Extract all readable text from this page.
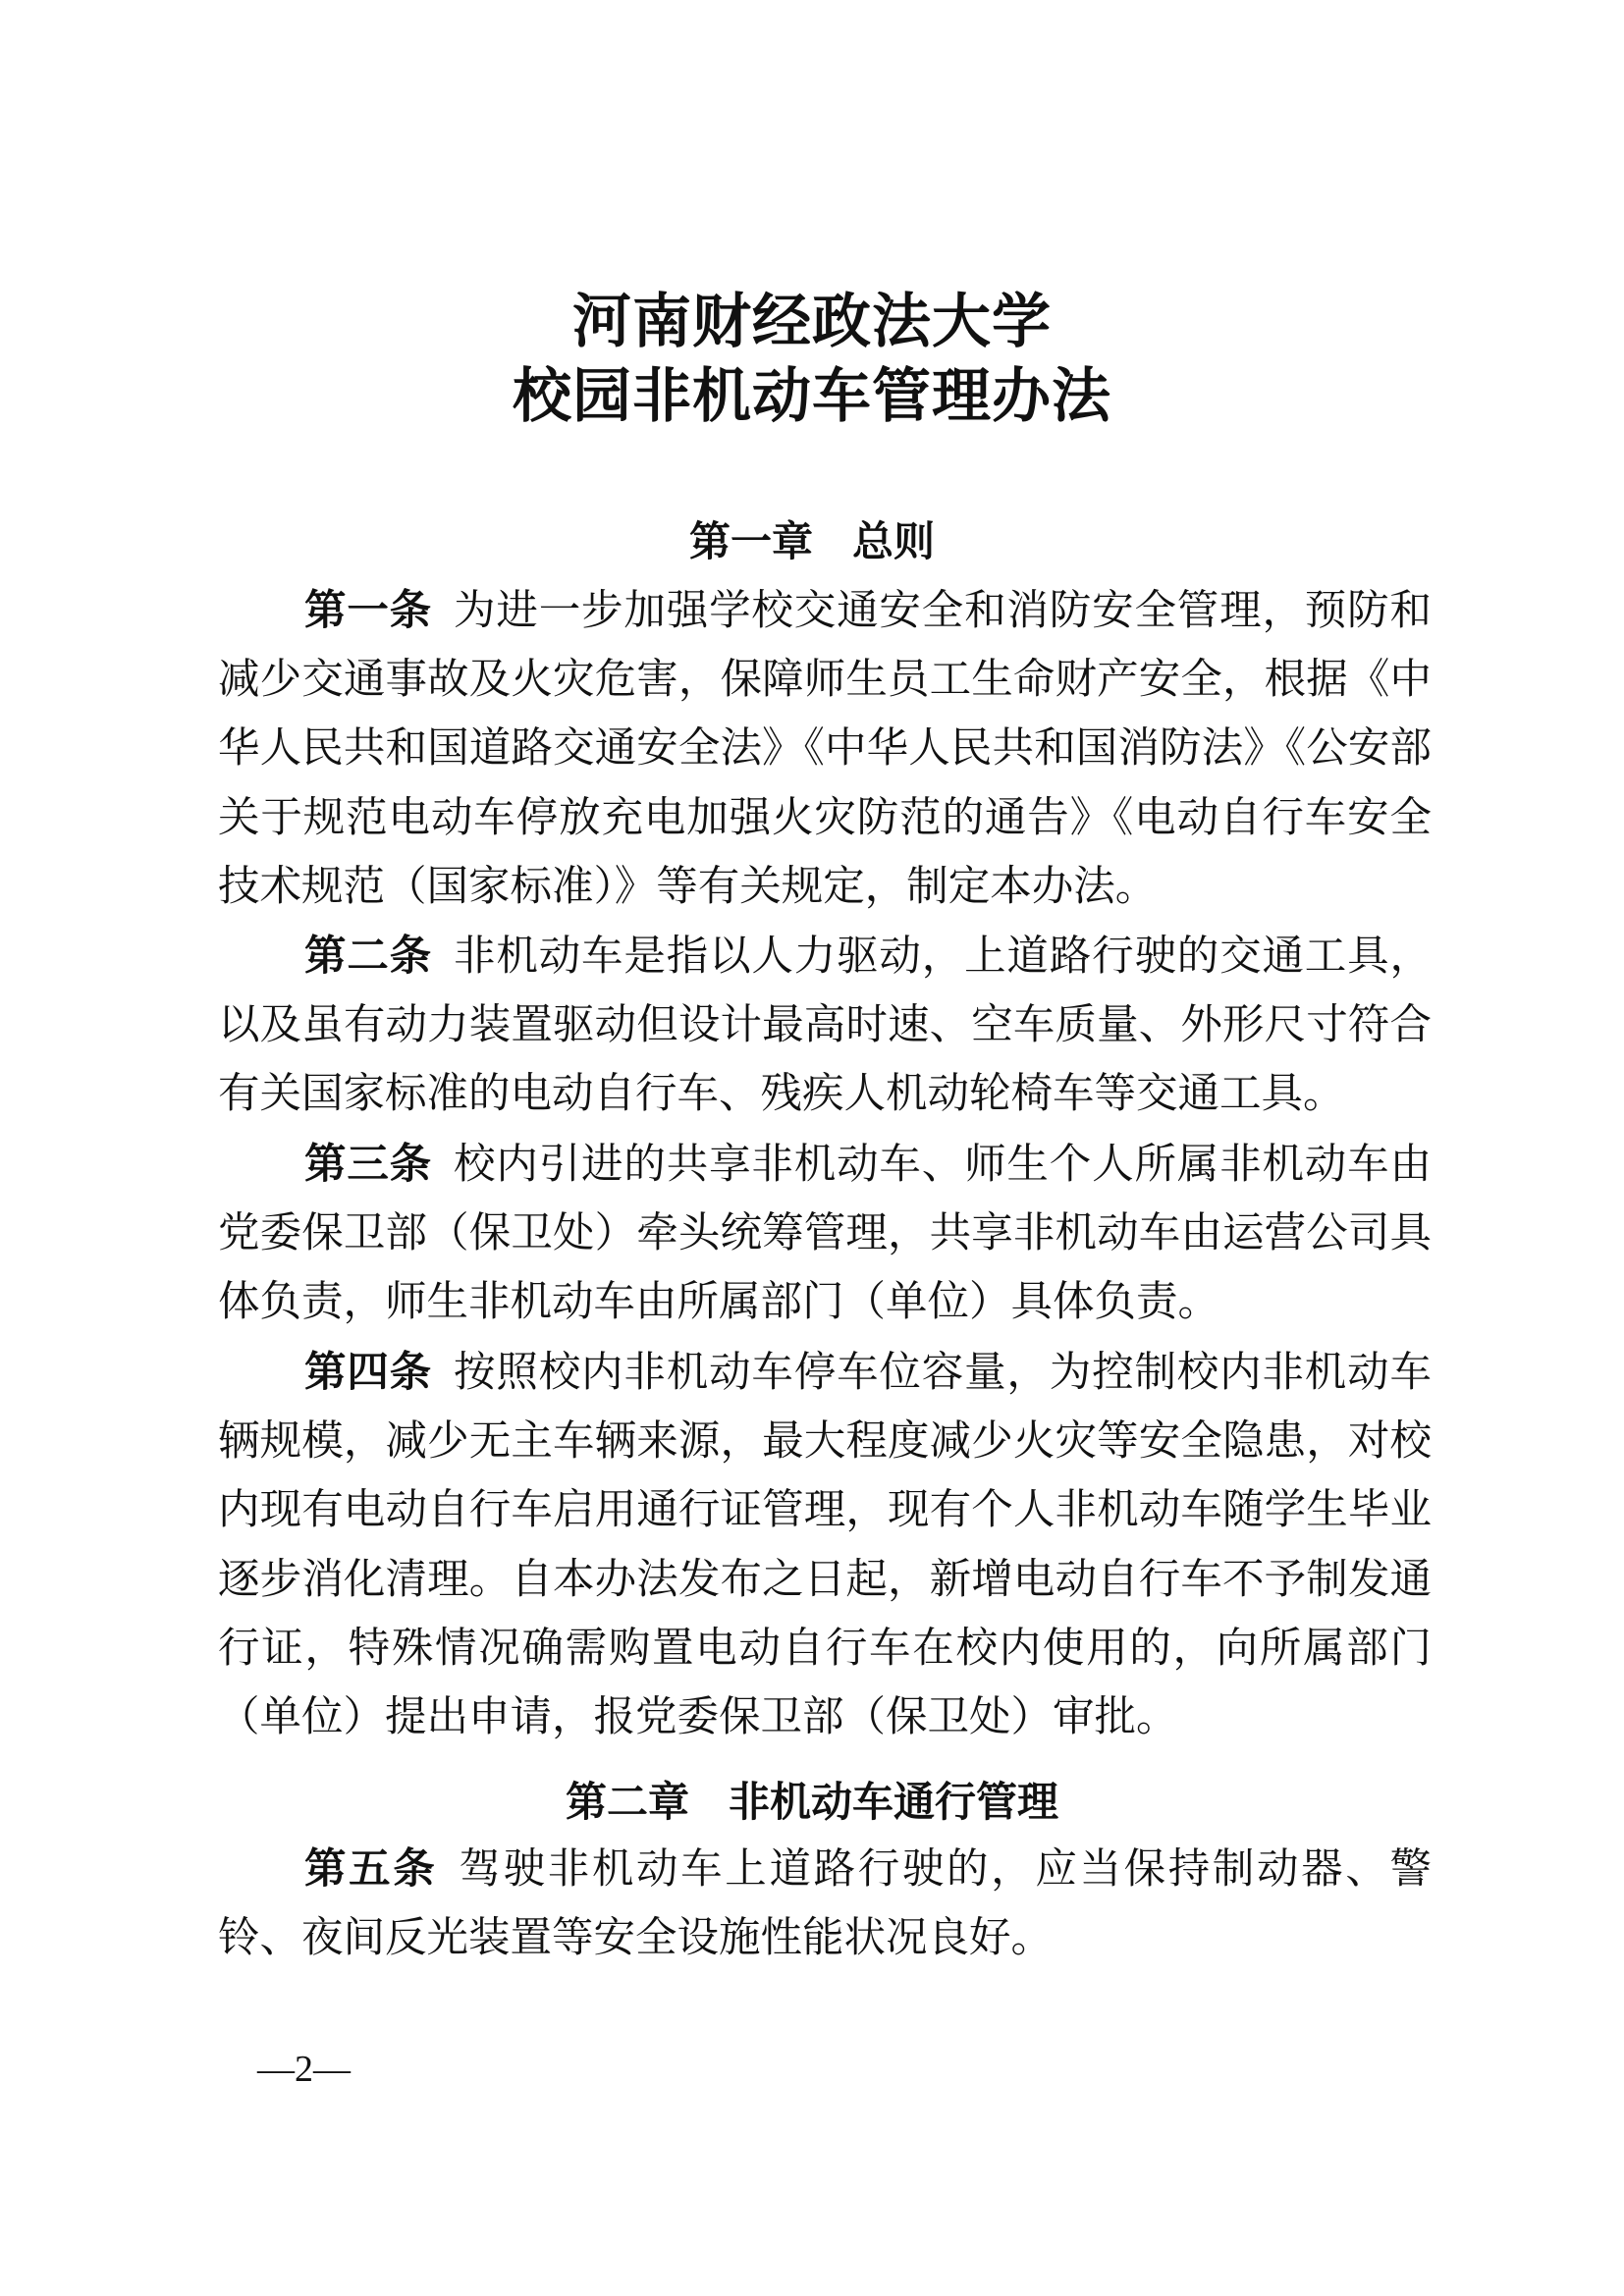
河南财经政法大学
校园非机动车管理办法
第一章 总则
第一条 为进一步加强学校交通安全和消防安全管理，预防和减少交通事故及火灾危害，保障师生员工生命财产安全，根据《中华人民共和国道路交通安全法》《中华人民共和国消防法》《公安部关于规范电动车停放充电加强火灾防范的通告》《电动自行车安全技术规范（国家标准）》等有关规定，制定本办法。
第二条 非机动车是指以人力驱动，上道路行驶的交通工具，以及虽有动力装置驱动但设计最高时速、空车质量、外形尺寸符合有关国家标准的电动自行车、残疾人机动轮椅车等交通工具。
第三条 校内引进的共享非机动车、师生个人所属非机动车由党委保卫部（保卫处）牵头统筹管理，共享非机动车由运营公司具体负责，师生非机动车由所属部门（单位）具体负责。
第四条 按照校内非机动车停车位容量，为控制校内非机动车辆规模，减少无主车辆来源，最大程度减少火灾等安全隐患，对校内现有电动自行车启用通行证管理，现有个人非机动车随学生毕业逐步消化清理。自本办法发布之日起，新增电动自行车不予制发通行证，特殊情况确需购置电动自行车在校内使用的，向所属部门（单位）提出申请，报党委保卫部（保卫处）审批。
第二章 非机动车通行管理
第五条 驾驶非机动车上道路行驶的，应当保持制动器、警铃、夜间反光装置等安全设施性能状况良好。
—2—
